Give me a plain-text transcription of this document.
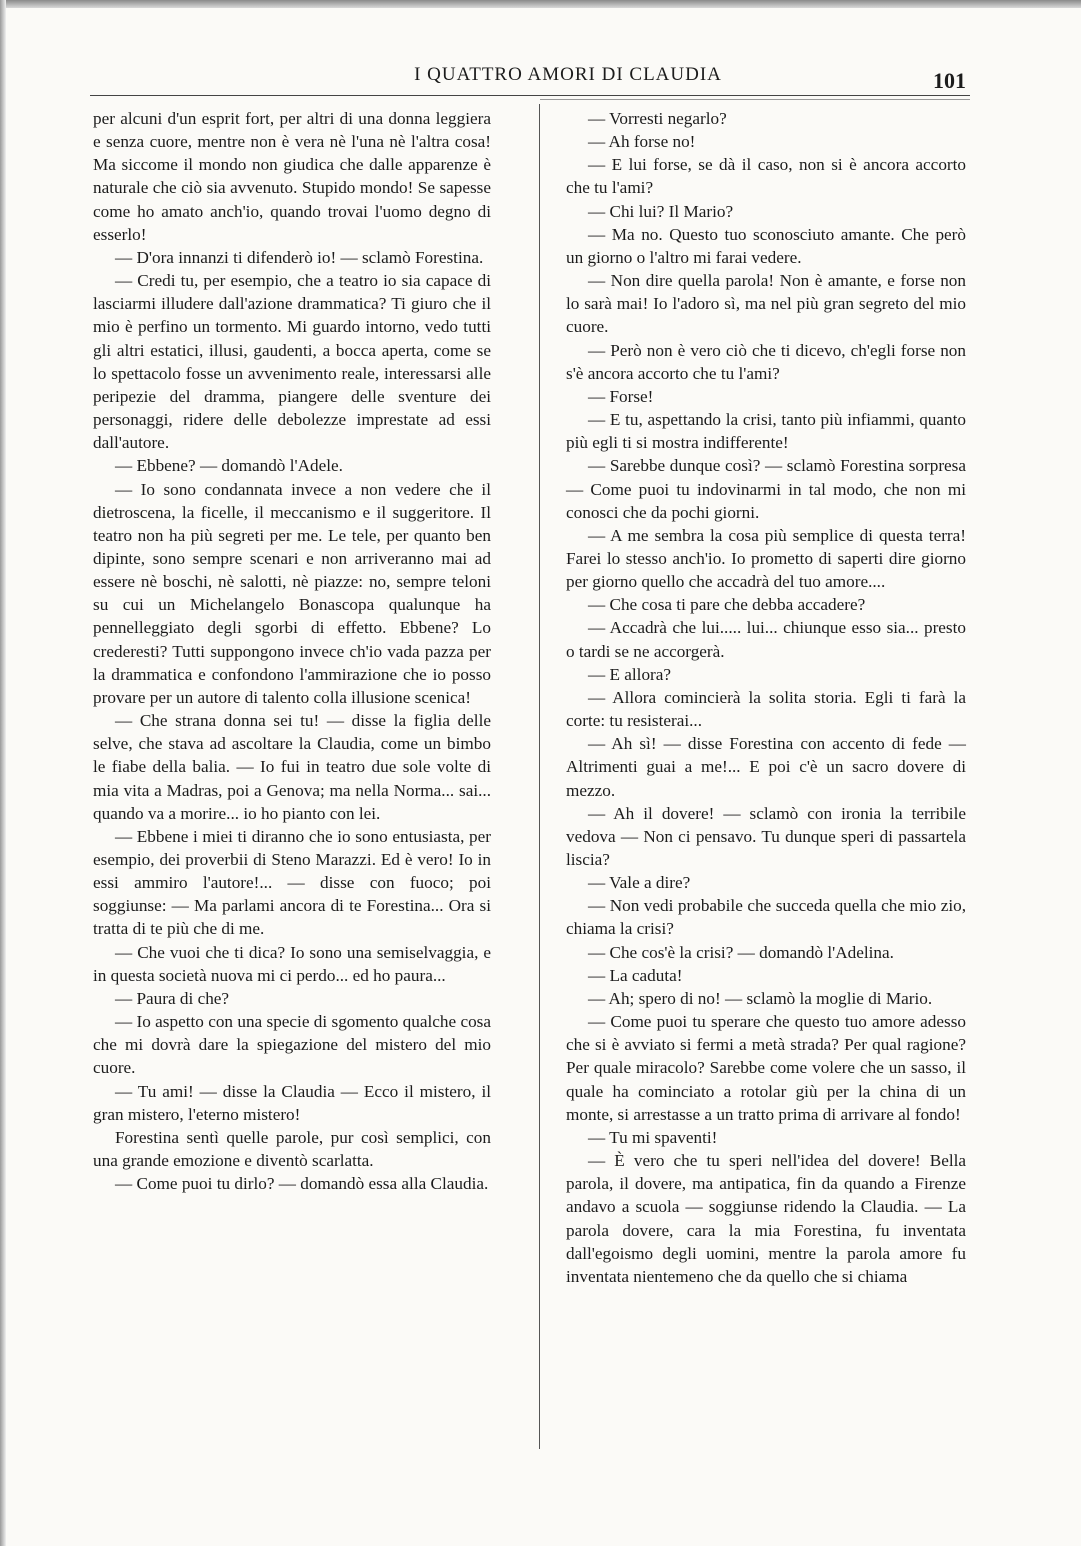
I QUATTRO AMORI DI CLAUDIA	101

per alcuni d'un esprit fort, per altri di una donna leggiera e senza cuore, mentre non è vera nè l'una nè l'altra cosa! Ma siccome il mondo non giudica che dalle apparenze è naturale che ciò sia avvenuto. Stupido mondo! Se sapesse come ho amato anch'io, quando trovai l'uomo degno di esserlo!

— D'ora innanzi ti difenderò io! — sclamò Forestina.

— Credi tu, per esempio, che a teatro io sia capace di lasciarmi illudere dall'azione drammatica? Ti giuro che il mio è perfino un tormento. Mi guardo intorno, vedo tutti gli altri estatici, illusi, gaudenti, a bocca aperta, come se lo spettacolo fosse un avvenimento reale, interessarsi alle peripezie del dramma, piangere delle sventure dei personaggi, ridere delle debolezze imprestate ad essi dall'autore.

— Ebbene? — domandò l'Adele.

— Io sono condannata invece a non vedere che il dietroscena, la ficelle, il meccanismo e il suggeritore. Il teatro non ha più segreti per me. Le tele, per quanto ben dipinte, sono sempre scenari e non arriveranno mai ad essere nè boschi, nè salotti, nè piazze: no, sempre teloni su cui un Michelangelo Bonascopa qualunque ha pennelleggiato degli sgorbi di effetto. Ebbene? Lo crederesti? Tutti suppongono invece ch'io vada pazza per la drammatica e confondono l'ammirazione che io posso provare per un autore di talento colla illusione scenica!

— Che strana donna sei tu! — disse la figlia delle selve, che stava ad ascoltare la Claudia, come un bimbo le fiabe della balia. — Io fui in teatro due sole volte di mia vita a Madras, poi a Genova; ma nella Norma... sai... quando va a morire... io ho pianto con lei.

— Ebbene i miei ti diranno che io sono entusiasta, per esempio, dei proverbii di Steno Marazzi. Ed è vero! Io in essi ammiro l'autore!... — disse con fuoco; poi soggiunse: — Ma parlami ancora di te Forestina... Ora si tratta di te più che di me.

— Che vuoi che ti dica? Io sono una semiselvaggia, e in questa società nuova mi ci perdo... ed ho paura...

— Paura di che?

— Io aspetto con una specie di sgomento qualche cosa che mi dovrà dare la spiegazione del mistero del mio cuore.

— Tu ami! — disse la Claudia — Ecco il mistero, il gran mistero, l'eterno mistero!

Forestina sentì quelle parole, pur così semplici, con una grande emozione e diventò scarlatta.

— Come puoi tu dirlo? — domandò essa alla Claudia.

— Vorresti negarlo?

— Ah forse no!

— E lui forse, se dà il caso, non si è ancora accorto che tu l'ami?

— Chi lui? Il Mario?

— Ma no. Questo tuo sconosciuto amante. Che però un giorno o l'altro mi farai vedere.

— Non dire quella parola! Non è amante, e forse non lo sarà mai! Io l'adoro sì, ma nel più gran segreto del mio cuore.

— Però non è vero ciò che ti dicevo, ch'egli forse non s'è ancora accorto che tu l'ami?

— Forse!

— E tu, aspettando la crisi, tanto più infiammi, quanto più egli ti si mostra indifferente!

— Sarebbe dunque così? — sclamò Forestina sorpresa — Come puoi tu indovinarmi in tal modo, che non mi conosci che da pochi giorni.

— A me sembra la cosa più semplice di questa terra! Farei lo stesso anch'io. Io prometto di saperti dire giorno per giorno quello che accadrà del tuo amore....

— Che cosa ti pare che debba accadere?

— Accadrà che lui..... lui... chiunque esso sia... presto o tardi se ne accorgerà.

— E allora?

— Allora comincierà la solita storia. Egli ti farà la corte: tu resisterai...

— Ah sì! — disse Forestina con accento di fede — Altrimenti guai a me!... E poi c'è un sacro dovere di mezzo.

— Ah il dovere! — sclamò con ironia la terribile vedova — Non ci pensavo. Tu dunque speri di passartela liscia?

— Vale a dire?

— Non vedi probabile che succeda quella che mio zio, chiama la crisi?

— Che cos'è la crisi? — domandò l'Adelina.

— La caduta!

— Ah; spero di no! — sclamò la moglie di Mario.

— Come puoi tu sperare che questo tuo amore adesso che si è avviato si fermi a metà strada? Per qual ragione? Per quale miracolo? Sarebbe come volere che un sasso, il quale ha cominciato a rotolar giù per la china di un monte, si arrestasse a un tratto prima di arrivare al fondo!

— Tu mi spaventi!

— È vero che tu speri nell'idea del dovere! Bella parola, il dovere, ma antipatica, fin da quando a Firenze andavo a scuola — soggiunse ridendo la Claudia. — La parola dovere, cara la mia Forestina, fu inventata dall'egoismo degli uomini, mentre la parola amore fu inventata nientemeno che da quello che si chiama
